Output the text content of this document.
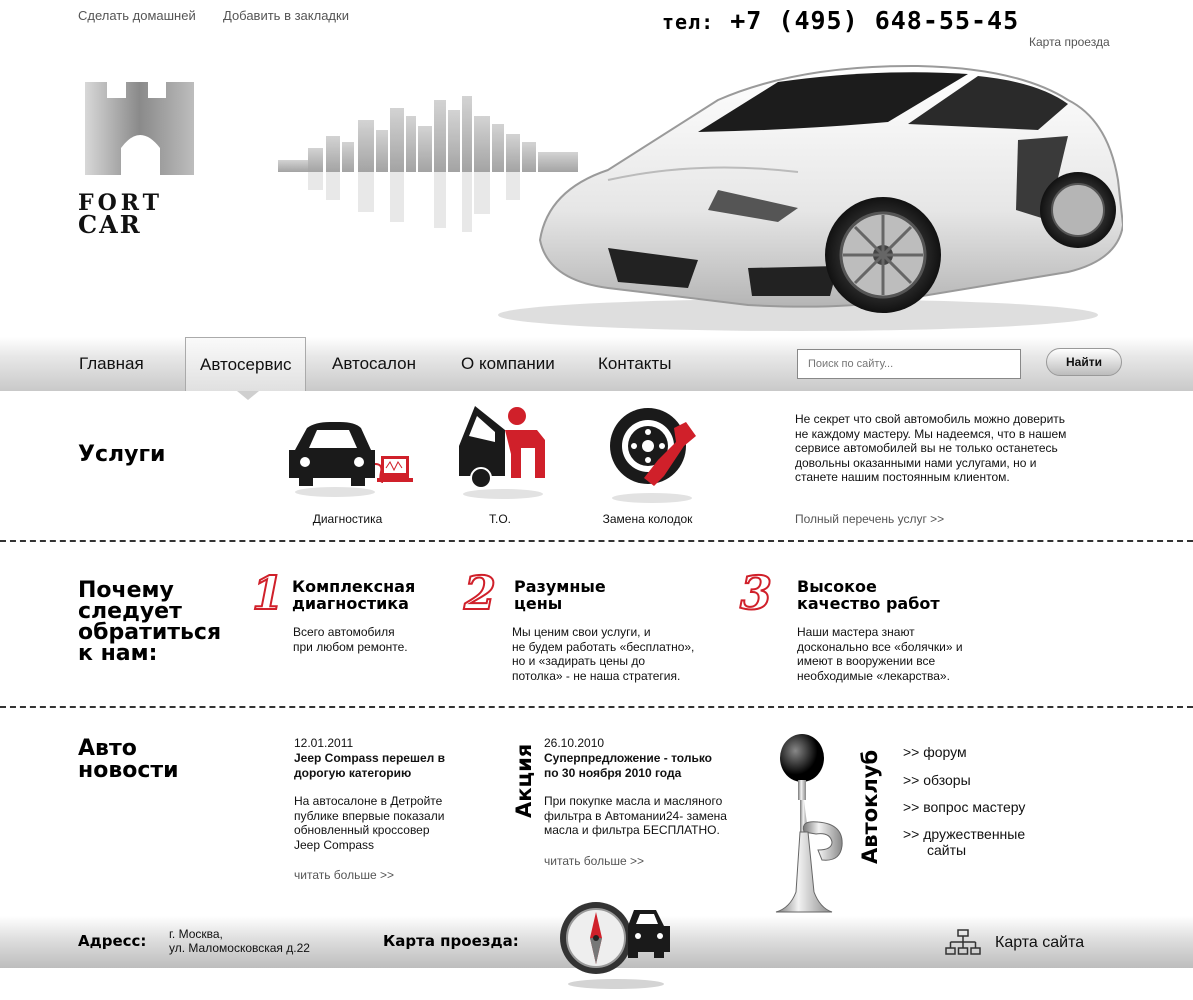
Сделать домашней Добавить в закладки	тел: +7 (495) 648-55-45
Карта проезда
FORT
CAR
Главная	Автосервис	Автосалон	О компании	Контакты
Поиск по сайту...	Найти
Услуги
Диагностика	Т.О.	Замена колодок
Не секрет что свой автомобиль можно доверить не каждому мастеру. Мы надеемся, что в нашем сервисе автомобилей вы не только останетесь довольны оказанными нами услугами, но и станете нашим постоянным клиентом.
Полный перечень услуг >>
Почему
следует
обратиться
к нам:
1 Комплексная
диагностика
Всего автомобиля
при любом ремонте.
2 Разумные
цены
Мы ценим свои услуги, и
не будем работать «бесплатно»,
но и «задирать цены до
потолка» - не наша стратегия.
3 Высокое
качество работ
Наши мастера знают
досконально все «болячки» и
имеют в вооружении все
необходимые «лекарства».
Авто
новости
12.01.2011
Jeep Compass перешел в
дорогую категорию
На автосалоне в Детройте
публике впервые показали
обновленный кроссовер
Jeep Compass
читать больше >>
Акция
26.10.2010
Суперпредложение - только
по 30 ноября 2010 года
При покупке масла и масляного
фильтра в Автомании24- замена
масла и фильтра БЕСПЛАТНО.
читать больше >>	Автоклуб >> форум
>> обзоры
>> вопрос мастеру
>> дружественные
сайты
Адресс: г. Москва,
ул. Маломосковская д.22	Карта проезда:	Карта сайта
